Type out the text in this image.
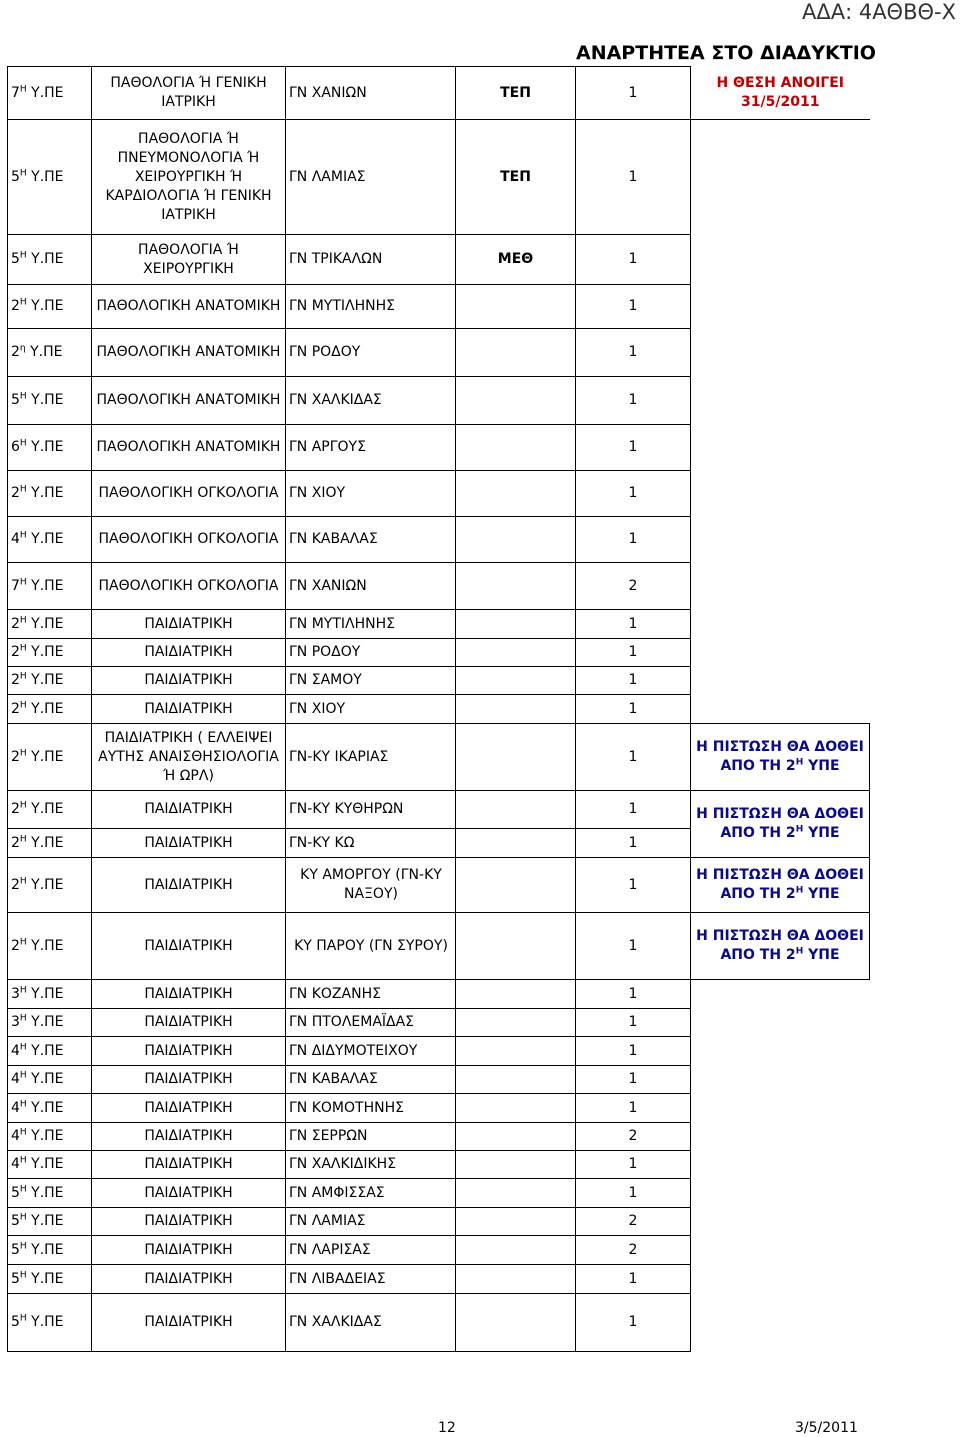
ΑΔΑ: 4ΑΘΒΘ-Χ
ΑΝΑΡΤΗΤΕΑ ΣΤΟ ΔΙΑΔΥΚΤΙΟ
$7^H$ Υ.ΠΕ	ΠΑΘΟΛΟΓΙΑ Ή ΓΕΝΙΚΗ ΙΑΤΡΙΚΗ	ΓΝ ΧΑΝΙΩΝ	ΤΕΠ	1	Η ΘΕΣΗ ΑΝΟΙΓΕΙ 31/5/2011
$5^H$ Υ.ΠΕ	ΠΑΘΟΛΟΓΙΑ Ή ΠΝΕΥΜΟΝΟΛΟΓΙΑ Ή ΧΕΙΡΟΥΡΓΙΚΗ Ή ΚΑΡΔΙΟΛΟΓΙΑ Ή ΓΕΝΙΚΗ ΙΑΤΡΙΚΗ	ΓΝ ΛΑΜΙΑΣ	ΤΕΠ	1	
$5^H$ Υ.ΠΕ	ΠΑΘΟΛΟΓΙΑ Ή ΧΕΙΡΟΥΡΓΙΚΗ	ΓΝ ΤΡΙΚΑΛΩΝ	ΜΕΘ	1	
$2^H$ Υ.ΠΕ	ΠΑΘΟΛΟΓΙΚΗ ΑΝΑΤΟΜΙΚΗ	ΓΝ ΜΥΤΙΛΗΝΗΣ		1	
$2^\eta$ Υ.ΠΕ	ΠΑΘΟΛΟΓΙΚΗ ΑΝΑΤΟΜΙΚΗ	ΓΝ ΡΟΔΟΥ		1	
$5^H$ Υ.ΠΕ	ΠΑΘΟΛΟΓΙΚΗ ΑΝΑΤΟΜΙΚΗ	ΓΝ ΧΑΛΚΙΔΑΣ		1	
$6^H$ Υ.ΠΕ	ΠΑΘΟΛΟΓΙΚΗ ΑΝΑΤΟΜΙΚΗ	ΓΝ ΑΡΓΟΥΣ		1	
$2^H$ Υ.ΠΕ	ΠΑΘΟΛΟΓΙΚΗ ΟΓΚΟΛΟΓΙΑ	ΓΝ ΧΙΟΥ		1	
$4^H$ Υ.ΠΕ	ΠΑΘΟΛΟΓΙΚΗ ΟΓΚΟΛΟΓΙΑ	ΓΝ ΚΑΒΑΛΑΣ		1	
$7^H$ Υ.ΠΕ	ΠΑΘΟΛΟΓΙΚΗ ΟΓΚΟΛΟΓΙΑ	ΓΝ ΧΑΝΙΩΝ		2	
$2^H$ Υ.ΠΕ	ΠΑΙΔΙΑΤΡΙΚΗ	ΓΝ ΜΥΤΙΛΗΝΗΣ		1	
$2^H$ Υ.ΠΕ	ΠΑΙΔΙΑΤΡΙΚΗ	ΓΝ ΡΟΔΟΥ		1	
$2^H$ Υ.ΠΕ	ΠΑΙΔΙΑΤΡΙΚΗ	ΓΝ ΣΑΜΟΥ		1	
$2^H$ Υ.ΠΕ	ΠΑΙΔΙΑΤΡΙΚΗ	ΓΝ ΧΙΟΥ		1	
$2^H$ Υ.ΠΕ	ΠΑΙΔΙΑΤΡΙΚΗ ( ΕΛΛΕΙΨΕΙ ΑΥΤΗΣ ΑΝΑΙΣΘΗΣΙΟΛΟΓΙΑ Ή ΩΡΛ)	ΓΝ-ΚΥ ΙΚΑΡΙΑΣ		1	Η ΠΙΣΤΩΣΗ ΘΑ ΔΟΘΕΙ ΑΠΟ ΤΗ $2^H$ ΥΠΕ
$2^H$ Υ.ΠΕ	ΠΑΙΔΙΑΤΡΙΚΗ	ΓΝ-ΚΥ ΚΥΘΗΡΩΝ		1	Η ΠΙΣΤΩΣΗ ΘΑ ΔΟΘΕΙ ΑΠΟ ΤΗ $2^H$ ΥΠΕ
$2^H$ Υ.ΠΕ	ΠΑΙΔΙΑΤΡΙΚΗ	ΓΝ-ΚΥ ΚΩ		1	
$2^H$ Υ.ΠΕ	ΠΑΙΔΙΑΤΡΙΚΗ	ΚΥ ΑΜΟΡΓΟΥ (ΓΝ-ΚΥ ΝΑΞΟΥ)		1	Η ΠΙΣΤΩΣΗ ΘΑ ΔΟΘΕΙ ΑΠΟ ΤΗ $2^H$ ΥΠΕ
$2^H$ Υ.ΠΕ	ΠΑΙΔΙΑΤΡΙΚΗ	ΚΥ ΠΑΡΟΥ (ΓΝ ΣΥΡΟΥ)		1	Η ΠΙΣΤΩΣΗ ΘΑ ΔΟΘΕΙ ΑΠΟ ΤΗ $2^H$ ΥΠΕ
$3^H$ Υ.ΠΕ	ΠΑΙΔΙΑΤΡΙΚΗ	ΓΝ ΚΟΖΑΝΗΣ		1	
$3^H$ Υ.ΠΕ	ΠΑΙΔΙΑΤΡΙΚΗ	ΓΝ ΠΤΟΛΕΜΑΪΔΑΣ		1	
$4^H$ Υ.ΠΕ	ΠΑΙΔΙΑΤΡΙΚΗ	ΓΝ ΔΙΔΥΜΟΤΕΙΧΟΥ		1	
$4^H$ Υ.ΠΕ	ΠΑΙΔΙΑΤΡΙΚΗ	ΓΝ ΚΑΒΑΛΑΣ		1	
$4^H$ Υ.ΠΕ	ΠΑΙΔΙΑΤΡΙΚΗ	ΓΝ ΚΟΜΟΤΗΝΗΣ		1	
$4^H$ Υ.ΠΕ	ΠΑΙΔΙΑΤΡΙΚΗ	ΓΝ ΣΕΡΡΩΝ		2	
$4^H$ Υ.ΠΕ	ΠΑΙΔΙΑΤΡΙΚΗ	ΓΝ ΧΑΛΚΙΔΙΚΗΣ		1	
$5^H$ Υ.ΠΕ	ΠΑΙΔΙΑΤΡΙΚΗ	ΓΝ ΑΜΦΙΣΣΑΣ		1	
$5^H$ Υ.ΠΕ	ΠΑΙΔΙΑΤΡΙΚΗ	ΓΝ ΛΑΜΙΑΣ		2	
$5^H$ Υ.ΠΕ	ΠΑΙΔΙΑΤΡΙΚΗ	ΓΝ ΛΑΡΙΣΑΣ		2	
$5^H$ Υ.ΠΕ	ΠΑΙΔΙΑΤΡΙΚΗ	ΓΝ ΛΙΒΑΔΕΙΑΣ		1	
$5^H$ Υ.ΠΕ	ΠΑΙΔΙΑΤΡΙΚΗ	ΓΝ ΧΑΛΚΙΔΑΣ		1	
12	3/5/2011
